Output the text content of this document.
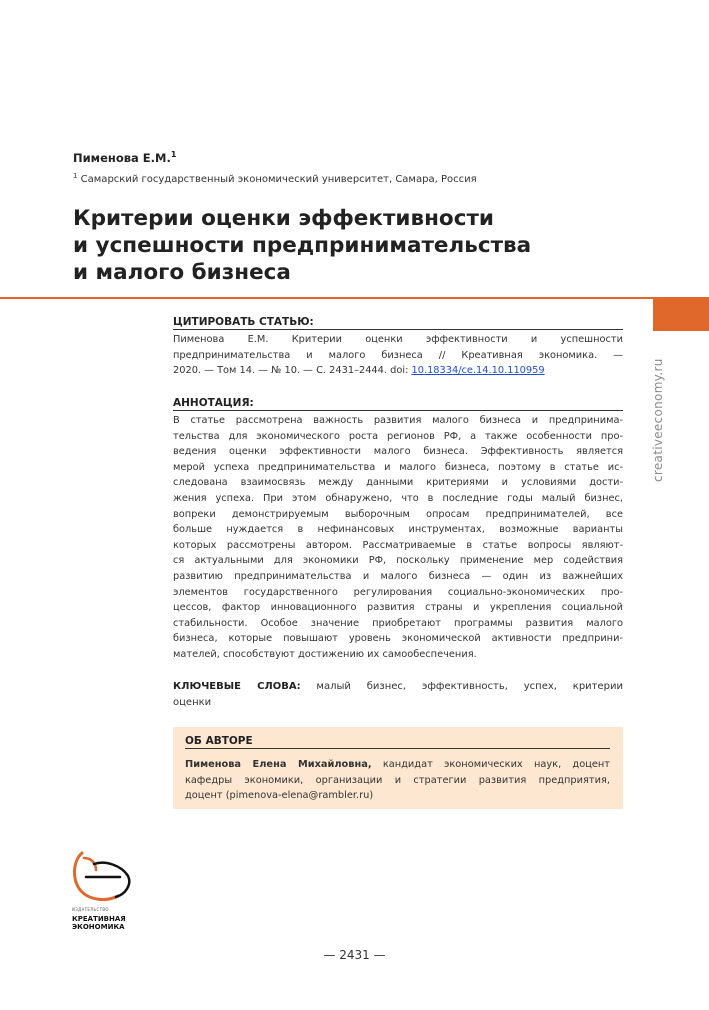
Пименова Е.М.$^1$
$^1$ Самарский государственный экономический университет, Самара, Россия
Критерии оценки эффективности
и успешности предпринимательства
и малого бизнеса
creativeeconomy.ru
ЦИТИРОВАТЬ СТАТЬЮ:
Пименова Е.М. Критерии оценки эффективности и успешности
предпринимательства и малого бизнеса // Креативная экономика. —
2020. — Том 14. — № 10. — С. 2431–2444. doi: 10.18334/ce.14.10.110959
АННОТАЦИЯ:
В статье рассмотрена важность развития малого бизнеса и предпринима-
тельства для экономического роста регионов РФ, а также особенности про-
ведения оценки эффективности малого бизнеса. Эффективность является
мерой успеха предпринимательства и малого бизнеса, поэтому в статье ис-
следована взаимосвязь между данными критериями и условиями дости-
жения успеха. При этом обнаружено, что в последние годы малый бизнес,
вопреки демонстрируемым выборочным опросам предпринимателей, все
больше нуждается в нефинансовых инструментах, возможные варианты
которых рассмотрены автором. Рассматриваемые в статье вопросы являют-
ся актуальными для экономики РФ, поскольку применение мер содействия
развитию предпринимательства и малого бизнеса — один из важнейших
элементов государственного регулирования социально-экономических про-
цессов, фактор инновационного развития страны и укрепления социальной
стабильности. Особое значение приобретают программы развития малого
бизнеса, которые повышают уровень экономической активности предприни-
мателей, способствуют достижению их самообеспечения.
КЛЮЧЕВЫЕ СЛОВА: малый бизнес, эффективность, успех, критерии
оценки
ОБ АВТОРЕ
Пименова Елена Михайловна, кандидат экономических наук, доцент
кафедры экономики, организации и стратегии развития предприятия,
доцент (pimenova-elena@rambler.ru)
ИЗДАТЕЛЬСТВО
КРЕАТИВНАЯ
ЭКОНОМИКА
— 2431 —
